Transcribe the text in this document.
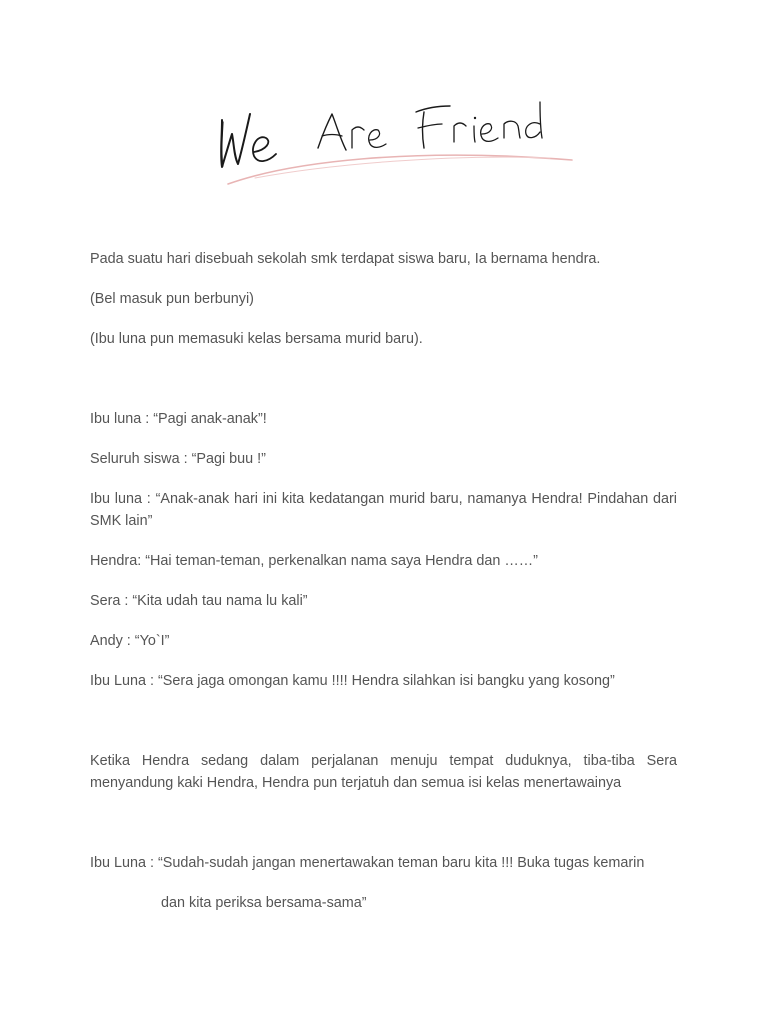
Pada suatu hari disebuah sekolah smk terdapat siswa baru, Ia bernama hendra.

(Bel masuk pun berbunyi)

(Ibu luna pun memasuki kelas bersama murid baru).

Ibu luna : “Pagi anak-anak”!

Seluruh siswa : “Pagi buu !”

Ibu luna : “Anak-anak hari ini kita kedatangan murid baru, namanya Hendra! Pindahan dari SMK lain”

Hendra: “Hai teman-teman, perkenalkan nama saya Hendra dan ……”

Sera : “Kita udah tau nama lu kali”

Andy : “Yo`I”

Ibu Luna : “Sera jaga omongan kamu !!!! Hendra silahkan isi bangku yang kosong”

Ketika Hendra sedang dalam perjalanan menuju tempat duduknya, tiba-tiba Sera menyandung kaki Hendra, Hendra pun terjatuh dan semua isi kelas menertawainya

Ibu Luna : “Sudah-sudah jangan menertawakan teman baru kita !!! Buka tugas kemarin

dan kita periksa bersama-sama”
